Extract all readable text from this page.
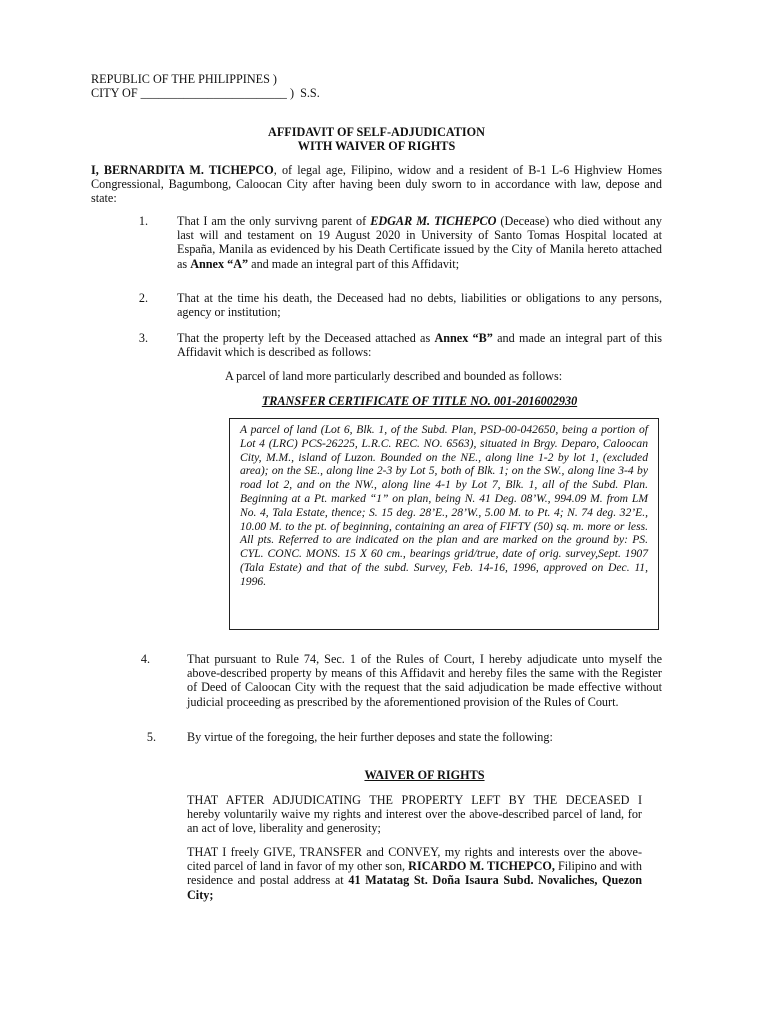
REPUBLIC OF THE PHILIPPINES )
CITY OF ________________________ )  S.S.
AFFIDAVIT OF SELF-ADJUDICATION
WITH WAIVER OF RIGHTS
I, BERNARDITA M. TICHEPCO, of legal age, Filipino, widow and a resident of B-1 L-6 Highview Homes Congressional, Bagumbong, Caloocan City after having been duly sworn to in accordance with law, depose and state:
1. That I am the only survivng parent of EDGAR M. TICHEPCO (Decease) who died without any last will and testament on 19 August 2020 in University of Santo Tomas Hospital located at España, Manila as evidenced by his Death Certificate issued by the City of Manila hereto attached as Annex “A” and made an integral part of this Affidavit;
2. That at the time his death, the Deceased had no debts, liabilities or obligations to any persons, agency or institution;
3. That the property left by the Deceased attached as Annex “B” and made an integral part of this Affidavit which is described as follows:
A parcel of land more particularly described and bounded as follows:
TRANSFER CERTIFICATE OF TITLE NO. 001-2016002930
A parcel of land (Lot 6, Blk. 1, of the Subd. Plan, PSD-00-042650, being a portion of Lot 4 (LRC) PCS-26225, L.R.C. REC. NO. 6563), situated in Brgy. Deparo, Caloocan City, M.M., island of Luzon. Bounded on the NE., along line 1-2 by lot 1, (excluded area); on the SE., along line 2-3 by Lot 5, both of Blk. 1; on the SW., along line 3-4 by road lot 2, and on the NW., along line 4-1 by Lot 7, Blk. 1, all of the Subd. Plan. Beginning at a Pt. marked “1” on plan, being N. 41 Deg. 08’W., 994.09 M. from LM No. 4, Tala Estate, thence; S. 15 deg. 28’E., 28’W., 5.00 M. to Pt. 4; N. 74 deg. 32’E., 10.00 M. to the pt. of beginning, containing an area of FIFTY (50) sq. m. more or less. All pts. Referred to are indicated on the plan and are marked on the ground by: PS. CYL. CONC. MONS. 15 X 60 cm., bearings grid/true, date of orig. survey,Sept. 1907 (Tala Estate) and that of the subd. Survey, Feb. 14-16, 1996, approved on Dec. 11, 1996.
4.	That pursuant to Rule 74, Sec. 1 of the Rules of Court, I hereby adjudicate unto myself the above-described property by means of this Affidavit and hereby files the same with the Register of Deed of Caloocan City with the request that the said adjudication be made effective without judicial proceeding as prescribed by the aforementioned provision of the Rules of Court.
5.	By virtue of the foregoing, the heir further deposes and state the following:
WAIVER OF RIGHTS
THAT AFTER ADJUDICATING THE PROPERTY LEFT BY THE DECEASED I         hereby voluntarily waive my rights and interest over the above-described parcel of land, for an act of love, liberality and generosity;
THAT I freely GIVE, TRANSFER and CONVEY, my rights and interests over the above- cited parcel of land in favor of my other son, RICARDO M. TICHEPCO, Filipino and with residence and postal address at 41 Matatag St. Doña Isaura Subd. Novaliches, Quezon City;
